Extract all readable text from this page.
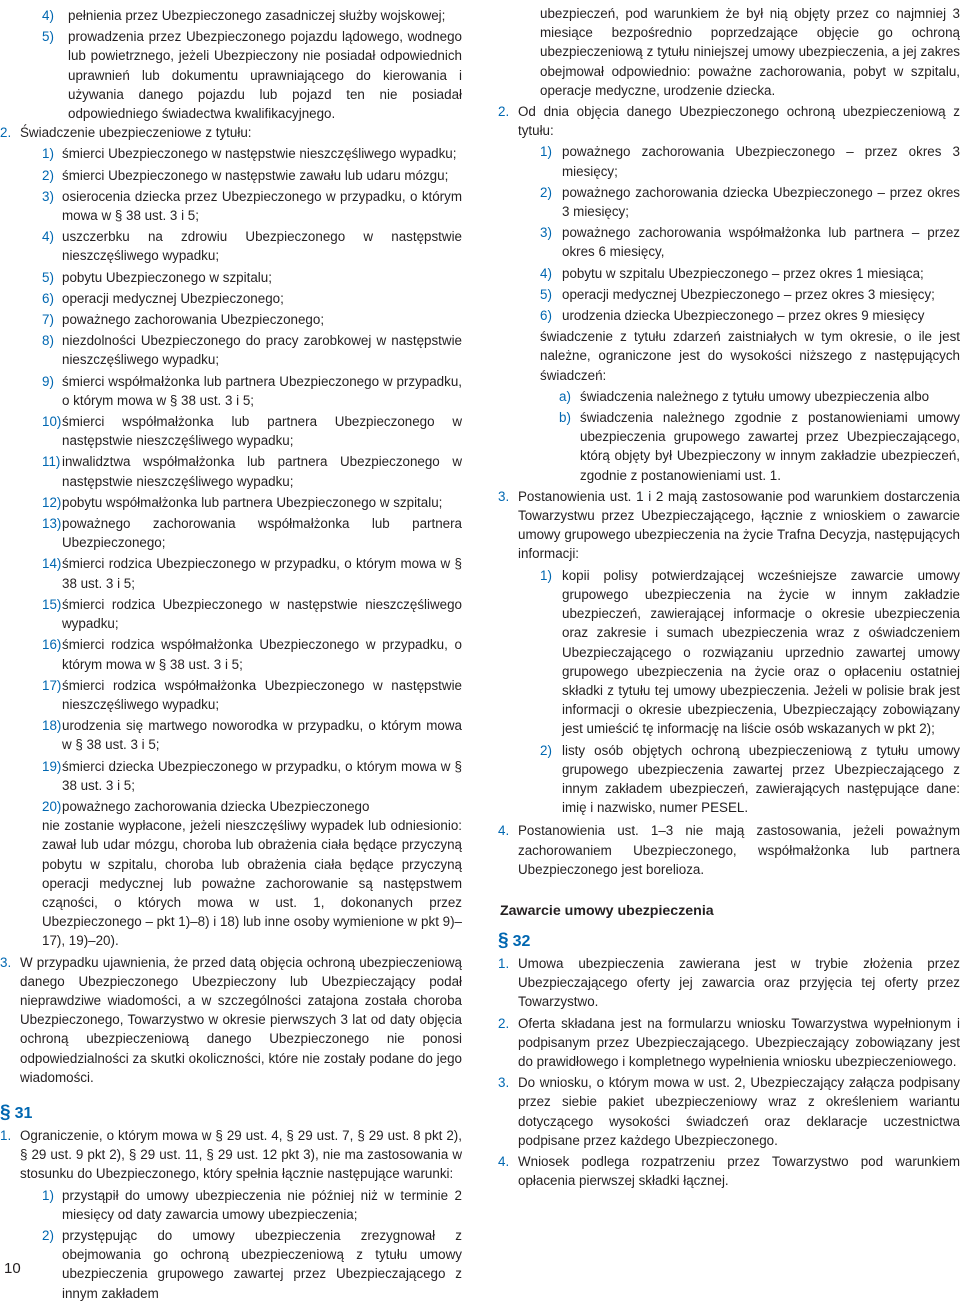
4) pełnienia przez Ubezpieczonego zasadniczej służby wojskowej;
5) prowadzenia przez Ubezpieczonego pojazdu lądowego, wodnego lub powietrznego, jeżeli Ubezpieczony nie posiadał odpowiednich uprawnień lub dokumentu uprawniającego do kierowania i używania danego pojazdu lub pojazd ten nie posiadał odpowiedniego świadectwa kwalifikacyjnego.
2. Świadczenie ubezpieczeniowe z tytułu:
1) śmierci Ubezpieczonego w następstwie nieszczęśliwego wypadku;
2) śmierci Ubezpieczonego w następstwie zawału lub udaru mózgu;
3) osierocenia dziecka przez Ubezpieczonego w przypadku, o którym mowa w § 38 ust. 3 i 5;
4) uszczerbku na zdrowiu Ubezpieczonego w następstwie nieszczęśliwego wypadku;
5) pobytu Ubezpieczonego w szpitalu;
6) operacji medycznej Ubezpieczonego;
7) poważnego zachorowania Ubezpieczonego;
8) niezdolności Ubezpieczonego do pracy zarobkowej w następstwie nieszczęśliwego wypadku;
9) śmierci współmałżonka lub partnera Ubezpieczonego w przypadku, o którym mowa w § 38 ust. 3 i 5;
10) śmierci współmałżonka lub partnera Ubezpieczonego w następstwie nieszczęśliwego wypadku;
11) inwalidztwa współmałżonka lub partnera Ubezpieczonego w następstwie nieszczęśliwego wypadku;
12) pobytu współmałżonka lub partnera Ubezpieczonego w szpitalu;
13) poważnego zachorowania współmałżonka lub partnera Ubezpieczonego;
14) śmierci rodzica Ubezpieczonego w przypadku, o którym mowa w § 38 ust. 3 i 5;
15) śmierci rodzica Ubezpieczonego w następstwie nieszczęśliwego wypadku;
16) śmierci rodzica współmałżonka Ubezpieczonego w przypadku, o którym mowa w § 38 ust. 3 i 5;
17) śmierci rodzica współmałżonka Ubezpieczonego w następstwie nieszczęśliwego wypadku;
18) urodzenia się martwego noworodka w przypadku, o którym mowa w § 38 ust. 3 i 5;
19) śmierci dziecka Ubezpieczonego w przypadku, o którym mowa w § 38 ust. 3 i 5;
20) poważnego zachorowania dziecka Ubezpieczonego
nie zostanie wypłacone, jeżeli nieszczęśliwy wypadek lub odniesionio: zawał lub udar mózgu, choroba lub obrażenia ciała będące przyczyną pobytu w szpitalu, choroba lub obrażenia ciała będące przyczyną operacji medycznej lub poważne zachorowanie są następstwem cząności, o których mowa w ust. 1, dokonanych przez Ubezpieczonego – pkt 1)–8) i 18) lub inne osoby wymienione w pkt 9)–17), 19)–20).
3. W przypadku ujawnienia, że przed datą objęcia ochroną ubezpieczeniową danego Ubezpieczonego Ubezpieczony lub Ubezpieczający podał nieprawdziwe wiadomości, a w szczególności zatajona została choroba Ubezpieczonego, Towarzystwo w okresie pierwszych 3 lat od daty objęcia ochroną ubezpieczeniową danego Ubezpieczonego nie ponosi odpowiedzialności za skutki okoliczności, które nie zostały podane do jego wiadomości.
§ 31
1. Ograniczenie, o którym mowa w § 29 ust. 4, § 29 ust. 7, § 29 ust. 8 pkt 2), § 29 ust. 9 pkt 2), § 29 ust. 11, § 29 ust. 12 pkt 3), nie ma zastosowania w stosunku do Ubezpieczonego, który spełnia łącznie następujące warunki:
1) przystąpił do umowy ubezpieczenia nie później niż w terminie 2 miesięcy od daty zawarcia umowy ubezpieczenia;
2) przystępując do umowy ubezpieczenia zrezygnował z obejmowania go ochroną ubezpieczeniową z tytułu umowy ubezpieczenia grupowego zawartej przez Ubezpieczającego z innym zakładem
ubezpieczeń, pod warunkiem że był nią objęty przez co najmniej 3 miesiące bezpośrednio poprzedzające objęcie go ochroną ubezpieczeniową z tytułu niniejszej umowy ubezpieczenia, a jej zakres obejmował odpowiednio: poważne zachorowania, pobyt w szpitalu, operacje medyczne, urodzenie dziecka.
2. Od dnia objęcia danego Ubezpieczonego ochroną ubezpieczeniową z tytułu:
1) poważnego zachorowania Ubezpieczonego – przez okres 3 miesięcy;
2) poważnego zachorowania dziecka Ubezpieczonego – przez okres 3 miesięcy;
3) poważnego zachorowania współmałżonka lub partnera – przez okres 6 miesięcy,
4) pobytu w szpitalu Ubezpieczonego – przez okres 1 miesiąca;
5) operacji medycznej Ubezpieczonego – przez okres 3 miesięcy;
6) urodzenia dziecka Ubezpieczonego – przez okres 9 miesięcy
świadczenie z tytułu zdarzeń zaistniałych w tym okresie, o ile jest należne, ograniczone jest do wysokości niższego z następujących świadczeń:
a) świadczenia należnego z tytułu umowy ubezpieczenia albo
b) świadczenia należnego zgodnie z postanowieniami umowy ubezpieczenia grupowego zawartej przez Ubezpieczającego, którą objęty był Ubezpieczony w innym zakładzie ubezpieczeń, zgodnie z postanowieniami ust. 1.
3. Postanowienia ust. 1 i 2 mają zastosowanie pod warunkiem dostarczenia Towarzystwu przez Ubezpieczającego, łącznie z wnioskiem o zawarcie umowy grupowego ubezpieczenia na życie Trafna Decyzja, następujących informacji:
1) kopii polisy potwierdzającej wcześniejsze zawarcie umowy grupowego ubezpieczenia na życie w innym zakładzie ubezpieczeń, zawierającej informacje o okresie ubezpieczenia oraz zakresie i sumach ubezpieczenia wraz z oświadczeniem Ubezpieczającego o rozwiązaniu uprzednio zawartej umowy grupowego ubezpieczenia na życie oraz o opłaceniu ostatniej składki z tytułu tej umowy ubezpieczenia. Jeżeli w polisie brak jest informacji o okresie ubezpieczenia, Ubezpieczający zobowiązany jest umieścić tę informację na liście osób wskazanych w pkt 2);
2) listy osób objętych ochroną ubezpieczeniową z tytułu umowy grupowego ubezpieczenia zawartej przez Ubezpieczającego z innym zakładem ubezpieczeń, zawierających następujące dane: imię i nazwisko, numer PESEL.
4. Postanowienia ust. 1–3 nie mają zastosowania, jeżeli poważnym zachorowaniem Ubezpieczonego, współmałżonka lub partnera Ubezpieczonego jest borelioza.
Zawarcie umowy ubezpieczenia
§ 32
1. Umowa ubezpieczenia zawierana jest w trybie złożenia przez Ubezpieczającego oferty jej zawarcia oraz przyjęcia tej oferty przez Towarzystwo.
2. Oferta składana jest na formularzu wniosku Towarzystwa wypełnionym i podpisanym przez Ubezpieczającego. Ubezpieczający zobowiązany jest do prawidłowego i kompletnego wypełnienia wniosku ubezpieczeniowego.
3. Do wniosku, o którym mowa w ust. 2, Ubezpieczający załącza podpisany przez siebie pakiet ubezpieczeniowy wraz z określeniem wariantu dotyczącego wysokości świadczeń oraz deklaracje uczestnictwa podpisane przez każdego Ubezpieczonego.
4. Wniosek podlega rozpatrzeniu przez Towarzystwo pod warunkiem opłacenia pierwszej składki łącznej.
10
